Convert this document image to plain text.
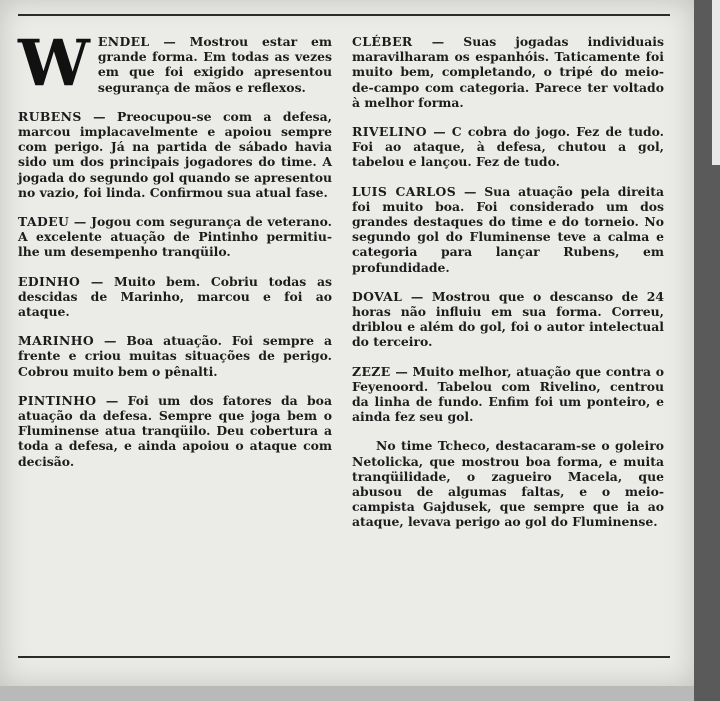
WENDEL — Mostrou estar em grande forma. Em todas as vezes em que foi exigido apresentou segurança de mãos e reflexos.

RUBENS — Preocupou-se com a defesa, marcou implacavelmente e apoiou sempre com perigo. Já na partida de sábado havia sido um dos principais jogadores do time. A jogada do segundo gol quando se apresentou no vazio, foi linda. Confirmou sua atual fase.

TADEU — Jogou com segurança de veterano. A excelente atuação de Pintinho permitiu-lhe um desempenho tranqüilo.

EDINHO — Muito bem. Cobriu todas as descidas de Marinho, marcou e foi ao ataque.

MARINHO — Boa atuação. Foi sempre a frente e criou muitas situações de perigo. Cobrou muito bem o pênalti.

PINTINHO — Foi um dos fatores da boa atuação da defesa. Sempre que joga bem o Fluminense atua tranqüilo. Deu cobertura a toda a defesa, e ainda apoiou o ataque com decisão.

CLÉBER — Suas jogadas individuais maravilharam os espanhóis. Taticamente foi muito bem, completando, o tripé do meio-de-campo com categoria. Parece ter voltado à melhor forma.

RIVELINO — C cobra do jogo. Fez de tudo. Foi ao ataque, à defesa, chutou a gol, tabelou e lançou. Fez de tudo.

LUIS CARLOS — Sua atuação pela direita foi muito boa. Foi considerado um dos grandes destaques do time e do torneio. No segundo gol do Fluminense teve a calma e categoria para lançar Rubens, em profundidade.

DOVAL — Mostrou que o descanso de 24 horas não influiu em sua forma. Correu, driblou e além do gol, foi o autor intelectual do terceiro.

ZEZE — Muito melhor, atuação que contra o Feyenoord. Tabelou com Rivelino, centrou da linha de fundo. Enfim foi um ponteiro, e ainda fez seu gol.

No time Tcheco, destacaram-se o goleiro Netolicka, que mostrou boa forma, e muita tranqüilidade, o zagueiro Macela, que abusou de algumas faltas, e o meio-campista Gajdusek, que sempre que ia ao ataque, levava perigo ao gol do Fluminense.
